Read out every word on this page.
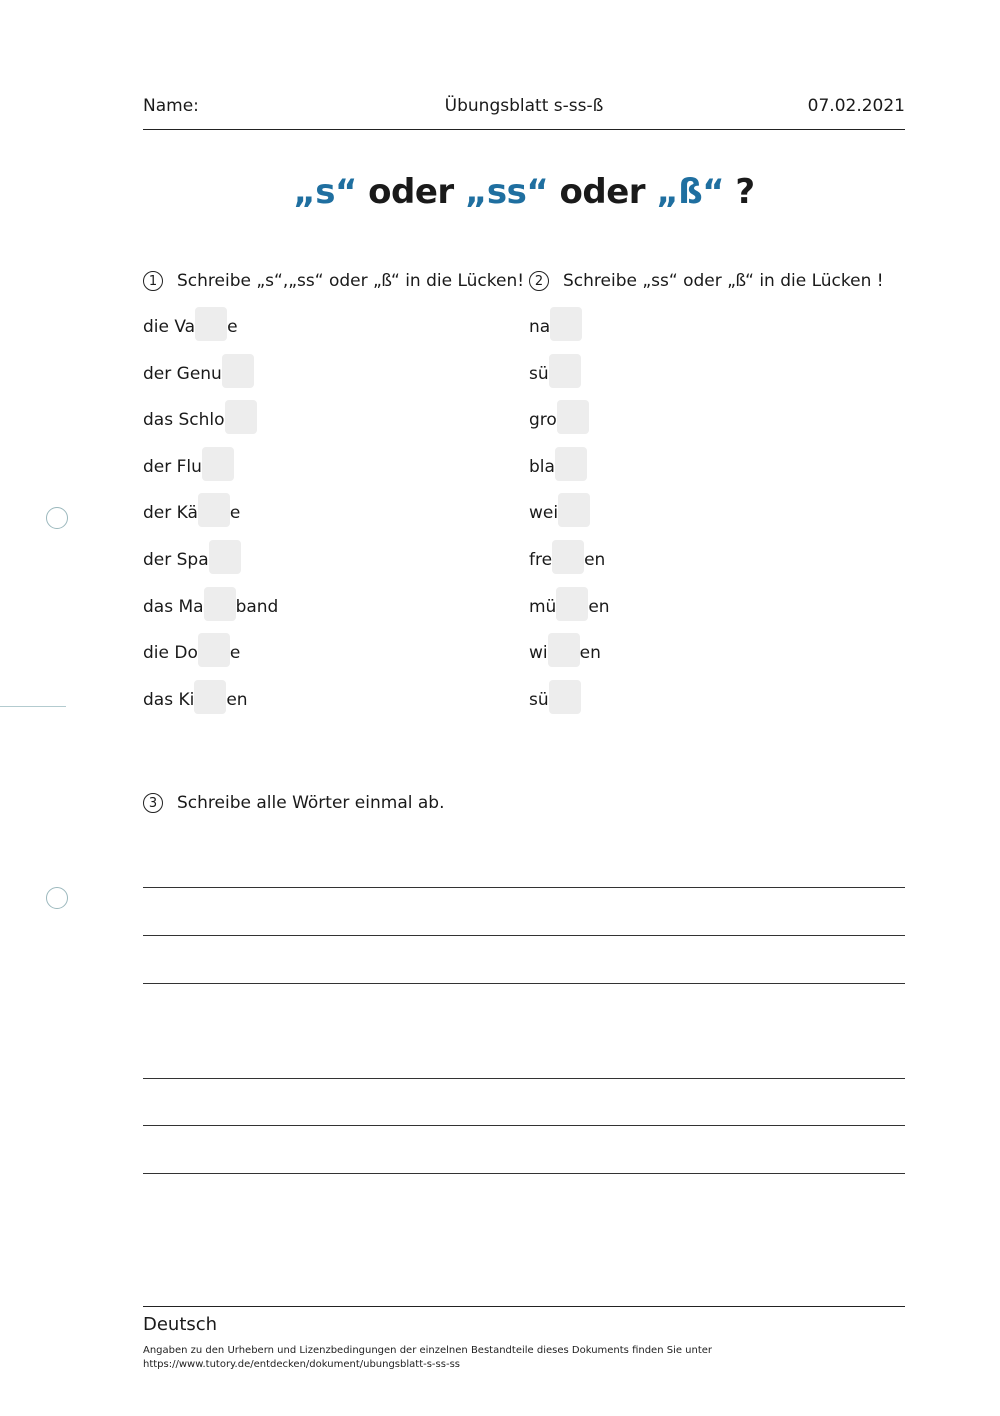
Name:	Übungsblatt s-ss-ß	07.02.2021
„s“ oder „ss“ oder „ß“ ?
1 Schreibe „s“,„ss“ oder „ß“ in die Lücken!
die Va e
der Genu
das Schlo
der Flu
der Kä e
der Spa
das Ma band
die Do e
das Ki en
2 Schreibe „ss“ oder „ß“ in die Lücken !
na
sü
gro
bla
wei
fre en
mü en
wi en
sü
3 Schreibe alle Wörter einmal ab.
Deutsch
Angaben zu den Urhebern und Lizenzbedingungen der einzelnen Bestandteile dieses Dokuments finden Sie unter
https://www.tutory.de/entdecken/dokument/ubungsblatt-s-ss-ss
